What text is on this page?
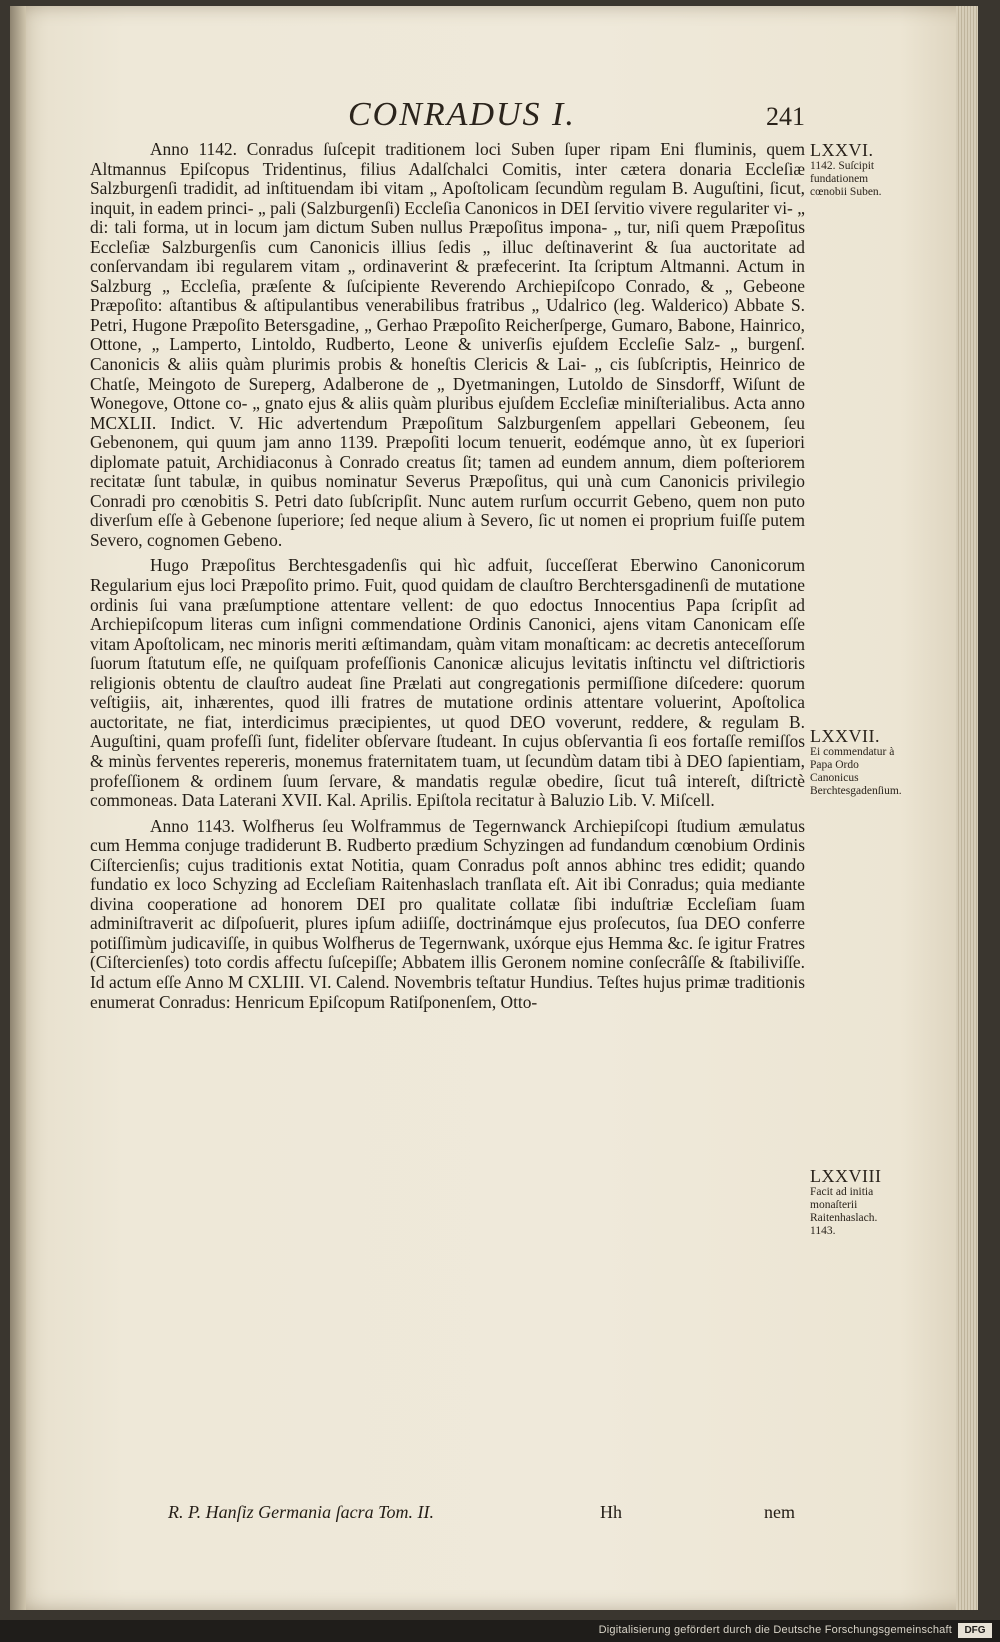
CONRADUS I.	241

Anno 1142. Conradus ſuſcepit traditionem loci Suben ſuper ripam Eni fluminis, quem Altmannus Epiſcopus Tridentinus, filius Adalſchalci Comitis, inter cætera donaria Eccleſiæ Salzburgenſi tradidit, ad inſtituendam ibi vitam „ Apoſtolicam ſecundùm regulam B. Auguſtini, ſicut, inquit, in eadem princi- „ pali (Salzburgenſi) Eccleſia Canonicos in DEI ſervitio vivere regulariter vi- „ di: tali forma, ut in locum jam dictum Suben nullus Præpoſitus impona- „ tur, niſi quem Præpoſitus Eccleſiæ Salzburgenſis cum Canonicis illius ſedis „ illuc deſtinaverint & ſua auctoritate ad conſervandam ibi regularem vitam „ ordinaverint & præfecerint. Ita ſcriptum Altmanni. Actum in Salzburg „ Eccleſia, præſente & ſuſcipiente Reverendo Archiepiſcopo Conrado, & „ Gebeone Præpoſito: aſtantibus & aſtipulantibus venerabilibus fratribus „ Udalrico (leg. Walderico) Abbate S. Petri, Hugone Præpoſito Betersgadine, „ Gerhao Præpoſito Reicherſperge, Gumaro, Babone, Hainrico, Ottone, „ Lamperto, Lintoldo, Rudberto, Leone & univerſis ejuſdem Eccleſie Salz- „ burgenſ. Canonicis & aliis quàm plurimis probis & honeſtis Clericis & Lai- „ cis ſubſcriptis, Heinrico de Chatſe, Meingoto de Sureperg, Adalberone de „ Dyetmaningen, Lutoldo de Sinsdorff, Wiſunt de Wonegove, Ottone co- „ gnato ejus & aliis quàm pluribus ejuſdem Eccleſiæ miniſterialibus. Acta anno MCXLII. Indict. V. Hic advertendum Præpoſitum Salzburgenſem appellari Gebeonem, ſeu Gebenonem, qui quum jam anno 1139. Præpoſiti locum tenuerit, eodémque anno, ùt ex ſuperiori diplomate patuit, Archidiaconus à Conrado creatus ſit; tamen ad eundem annum, diem poſteriorem recitatæ ſunt tabulæ, in quibus nominatur Severus Præpoſitus, qui unà cum Canonicis privilegio Conradi pro cœnobitis S. Petri dato ſubſcripſit. Nunc autem rurſum occurrit Gebeno, quem non puto diverſum eſſe à Gebenone ſuperiore; ſed neque alium à Severo, ſic ut nomen ei proprium fuiſſe putem Severo, cognomen Gebeno.

Hugo Præpoſitus Berchtesgadenſis qui hìc adfuit, ſucceſſerat Eberwino Canonicorum Regularium ejus loci Præpoſito primo. Fuit, quod quidam de clauſtro Berchtersgadinenſi de mutatione ordinis ſui vana præſumptione attentare vellent: de quo edoctus Innocentius Papa ſcripſit ad Archiepiſcopum literas cum inſigni commendatione Ordinis Canonici, ajens vitam Canonicam eſſe vitam Apoſtolicam, nec minoris meriti æſtimandam, quàm vitam monaſticam: ac decretis anteceſſorum ſuorum ſtatutum eſſe, ne quiſquam profeſſionis Canonicæ alicujus levitatis inſtinctu vel diſtrictioris religionis obtentu de clauſtro audeat ſine Prælati aut congregationis permiſſione diſcedere: quorum veſtigiis, ait, inhærentes, quod illi fratres de mutatione ordinis attentare voluerint, Apoſtolica auctoritate, ne fiat, interdicimus præcipientes, ut quod DEO voverunt, reddere, & regulam B. Auguſtini, quam profeſſi ſunt, fideliter obſervare ſtudeant. In cujus obſervantia ſi eos fortaſſe remiſſos & minùs ferventes repereris, monemus fraternitatem tuam, ut ſecundùm datam tibi à DEO ſapientiam, profeſſionem & ordinem ſuum ſervare, & mandatis regulæ obedire, ſicut tuâ intereſt, diſtrictè commoneas. Data Laterani XVII. Kal. Aprilis. Epiſtola recitatur à Baluzio Lib. V. Miſcell.

Anno 1143. Wolfherus ſeu Wolframmus de Tegernwanck Archiepiſcopi ſtudium æmulatus cum Hemma conjuge tradiderunt B. Rudberto prædium Schyzingen ad fundandum cœnobium Ordinis Ciſtercienſis; cujus traditionis extat Notitia, quam Conradus poſt annos abhinc tres edidit; quando fundatio ex loco Schyzing ad Eccleſiam Raitenhaslach tranſlata eſt. Ait ibi Conradus; quia mediante divina cooperatione ad honorem DEI pro qualitate collatæ ſibi induſtriæ Eccleſiam ſuam adminiſtraverit ac diſpoſuerit, plures ipſum adiiſſe, doctrinámque ejus proſecutos, ſua DEO conferre potiſſimùm judicaviſſe, in quibus Wolfherus de Tegernwank, uxórque ejus Hemma &c. ſe igitur Fratres (Ciſtercienſes) toto cordis affectu ſuſcepiſſe; Abbatem illis Geronem nomine conſecrâſſe & ſtabiliviſſe. Id actum eſſe Anno M CXLIII. VI. Calend. Novembris teſtatur Hundius. Teſtes hujus primæ traditionis enumerat Conradus: Henricum Epiſcopum Ratiſponenſem, Otto-

LXXVI.
1142. Suſcipit fundationem cœnobii Suben.
LXXVII.
Ei commendatur à Papa Ordo Canonicus Berchtesgadenſium.
LXXVIII
Facit ad initia monaſterii Raitenhaslach. 1143.
R. P. Hanſiz Germania ſacra Tom. II.	Hh	nem
Digitalisierung gefördert durch die Deutsche Forschungsgemeinschaft	DFG
